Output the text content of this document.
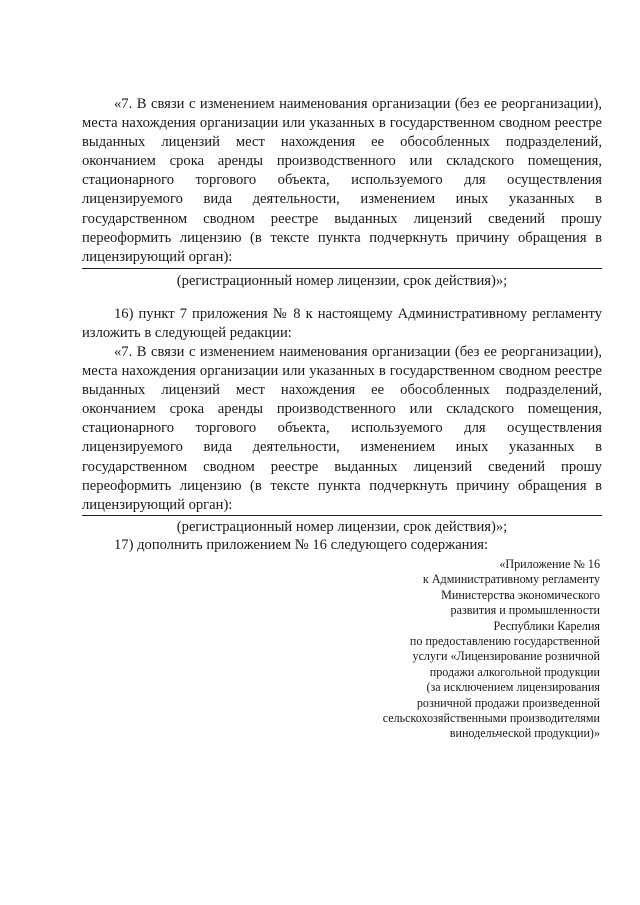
«7. В связи с изменением наименования организации (без ее реорганизации), места нахождения организации или указанных в государственном сводном реестре выданных лицензий мест нахождения ее обособленных подразделений, окончанием срока аренды производственного или складского помещения, стационарного торгового объекта, используемого для осуществления лицензируемого вида деятельности, изменением иных указанных в государственном сводном реестре выданных лицензий сведений прошу переоформить лицензию (в тексте пункта подчеркнуть причину обращения в лицензирующий орган):

(регистрационный номер лицензии, срок действия)»;

16) пункт 7 приложения № 8 к настоящему Административному регламенту изложить в следующей редакции:

«7. В связи с изменением наименования организации (без ее реорганизации), места нахождения организации или указанных в государственном сводном реестре выданных лицензий мест нахождения ее обособленных подразделений, окончанием срока аренды производственного или складского помещения, стационарного торгового объекта, используемого для осуществления лицензируемого вида деятельности, изменением иных указанных в государственном сводном реестре выданных лицензий сведений прошу переоформить лицензию (в тексте пункта подчеркнуть причину обращения в лицензирующий орган):

(регистрационный номер лицензии, срок действия)»;
17) дополнить приложением № 16 следующего содержания:
«Приложение № 16
к Административному регламенту
Министерства экономического
развития и промышленности
Республики Карелия
по предоставлению государственной
услуги «Лицензирование розничной
продажи алкогольной продукции
(за исключением лицензирования
розничной продажи произведенной
сельскохозяйственными производителями
винодельческой продукции)»
